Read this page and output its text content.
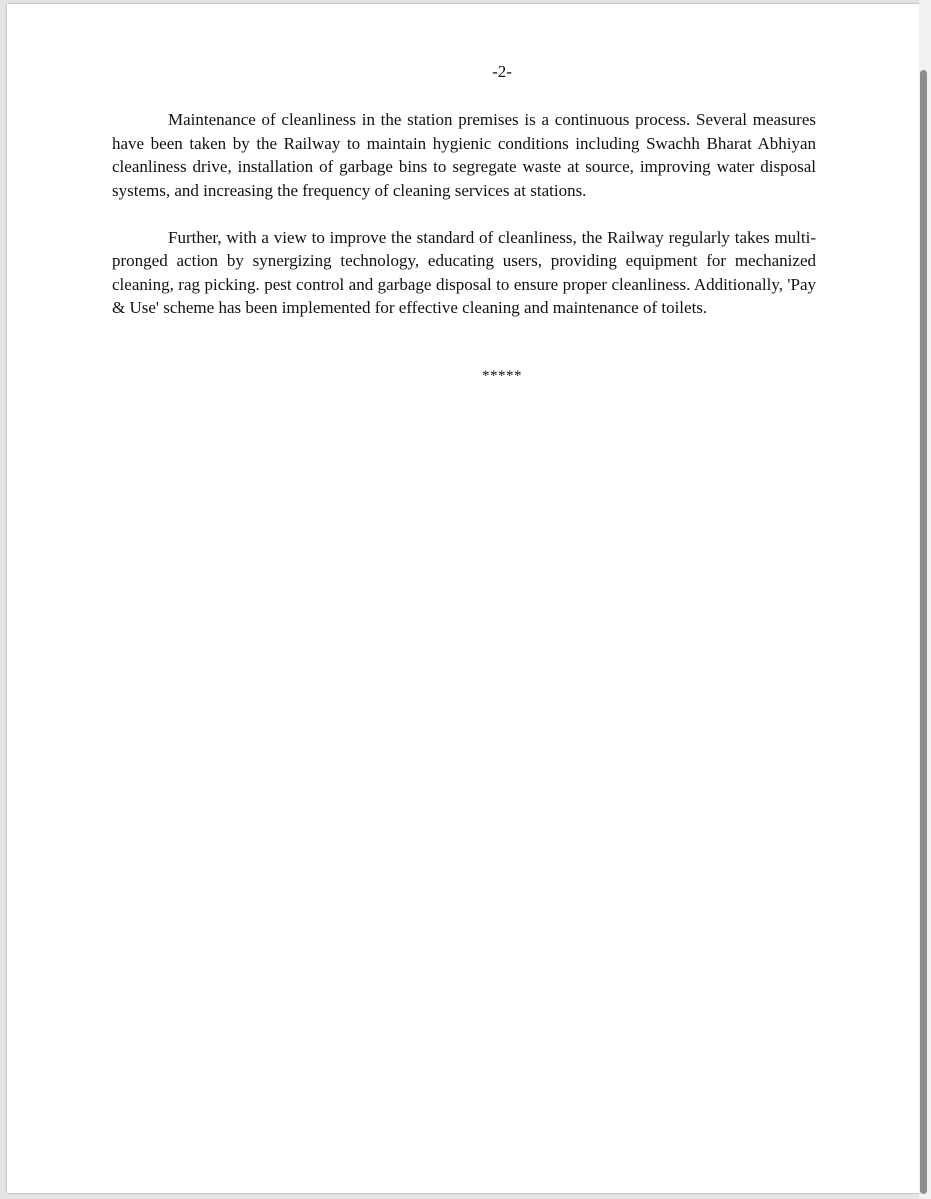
-2-

Maintenance of cleanliness in the station premises is a continuous process. Several measures have been taken by the Railway to maintain hygienic conditions including Swachh Bharat Abhiyan cleanliness drive, installation of garbage bins to segregate waste at source, improving water disposal systems, and increasing the frequency of cleaning services at stations.

Further, with a view to improve the standard of cleanliness, the Railway regularly takes multi-pronged action by synergizing technology, educating users, providing equipment for mechanized cleaning, rag picking. pest control and garbage disposal to ensure proper cleanliness. Additionally, 'Pay & Use' scheme has been implemented for effective cleaning and maintenance of toilets.

*****
